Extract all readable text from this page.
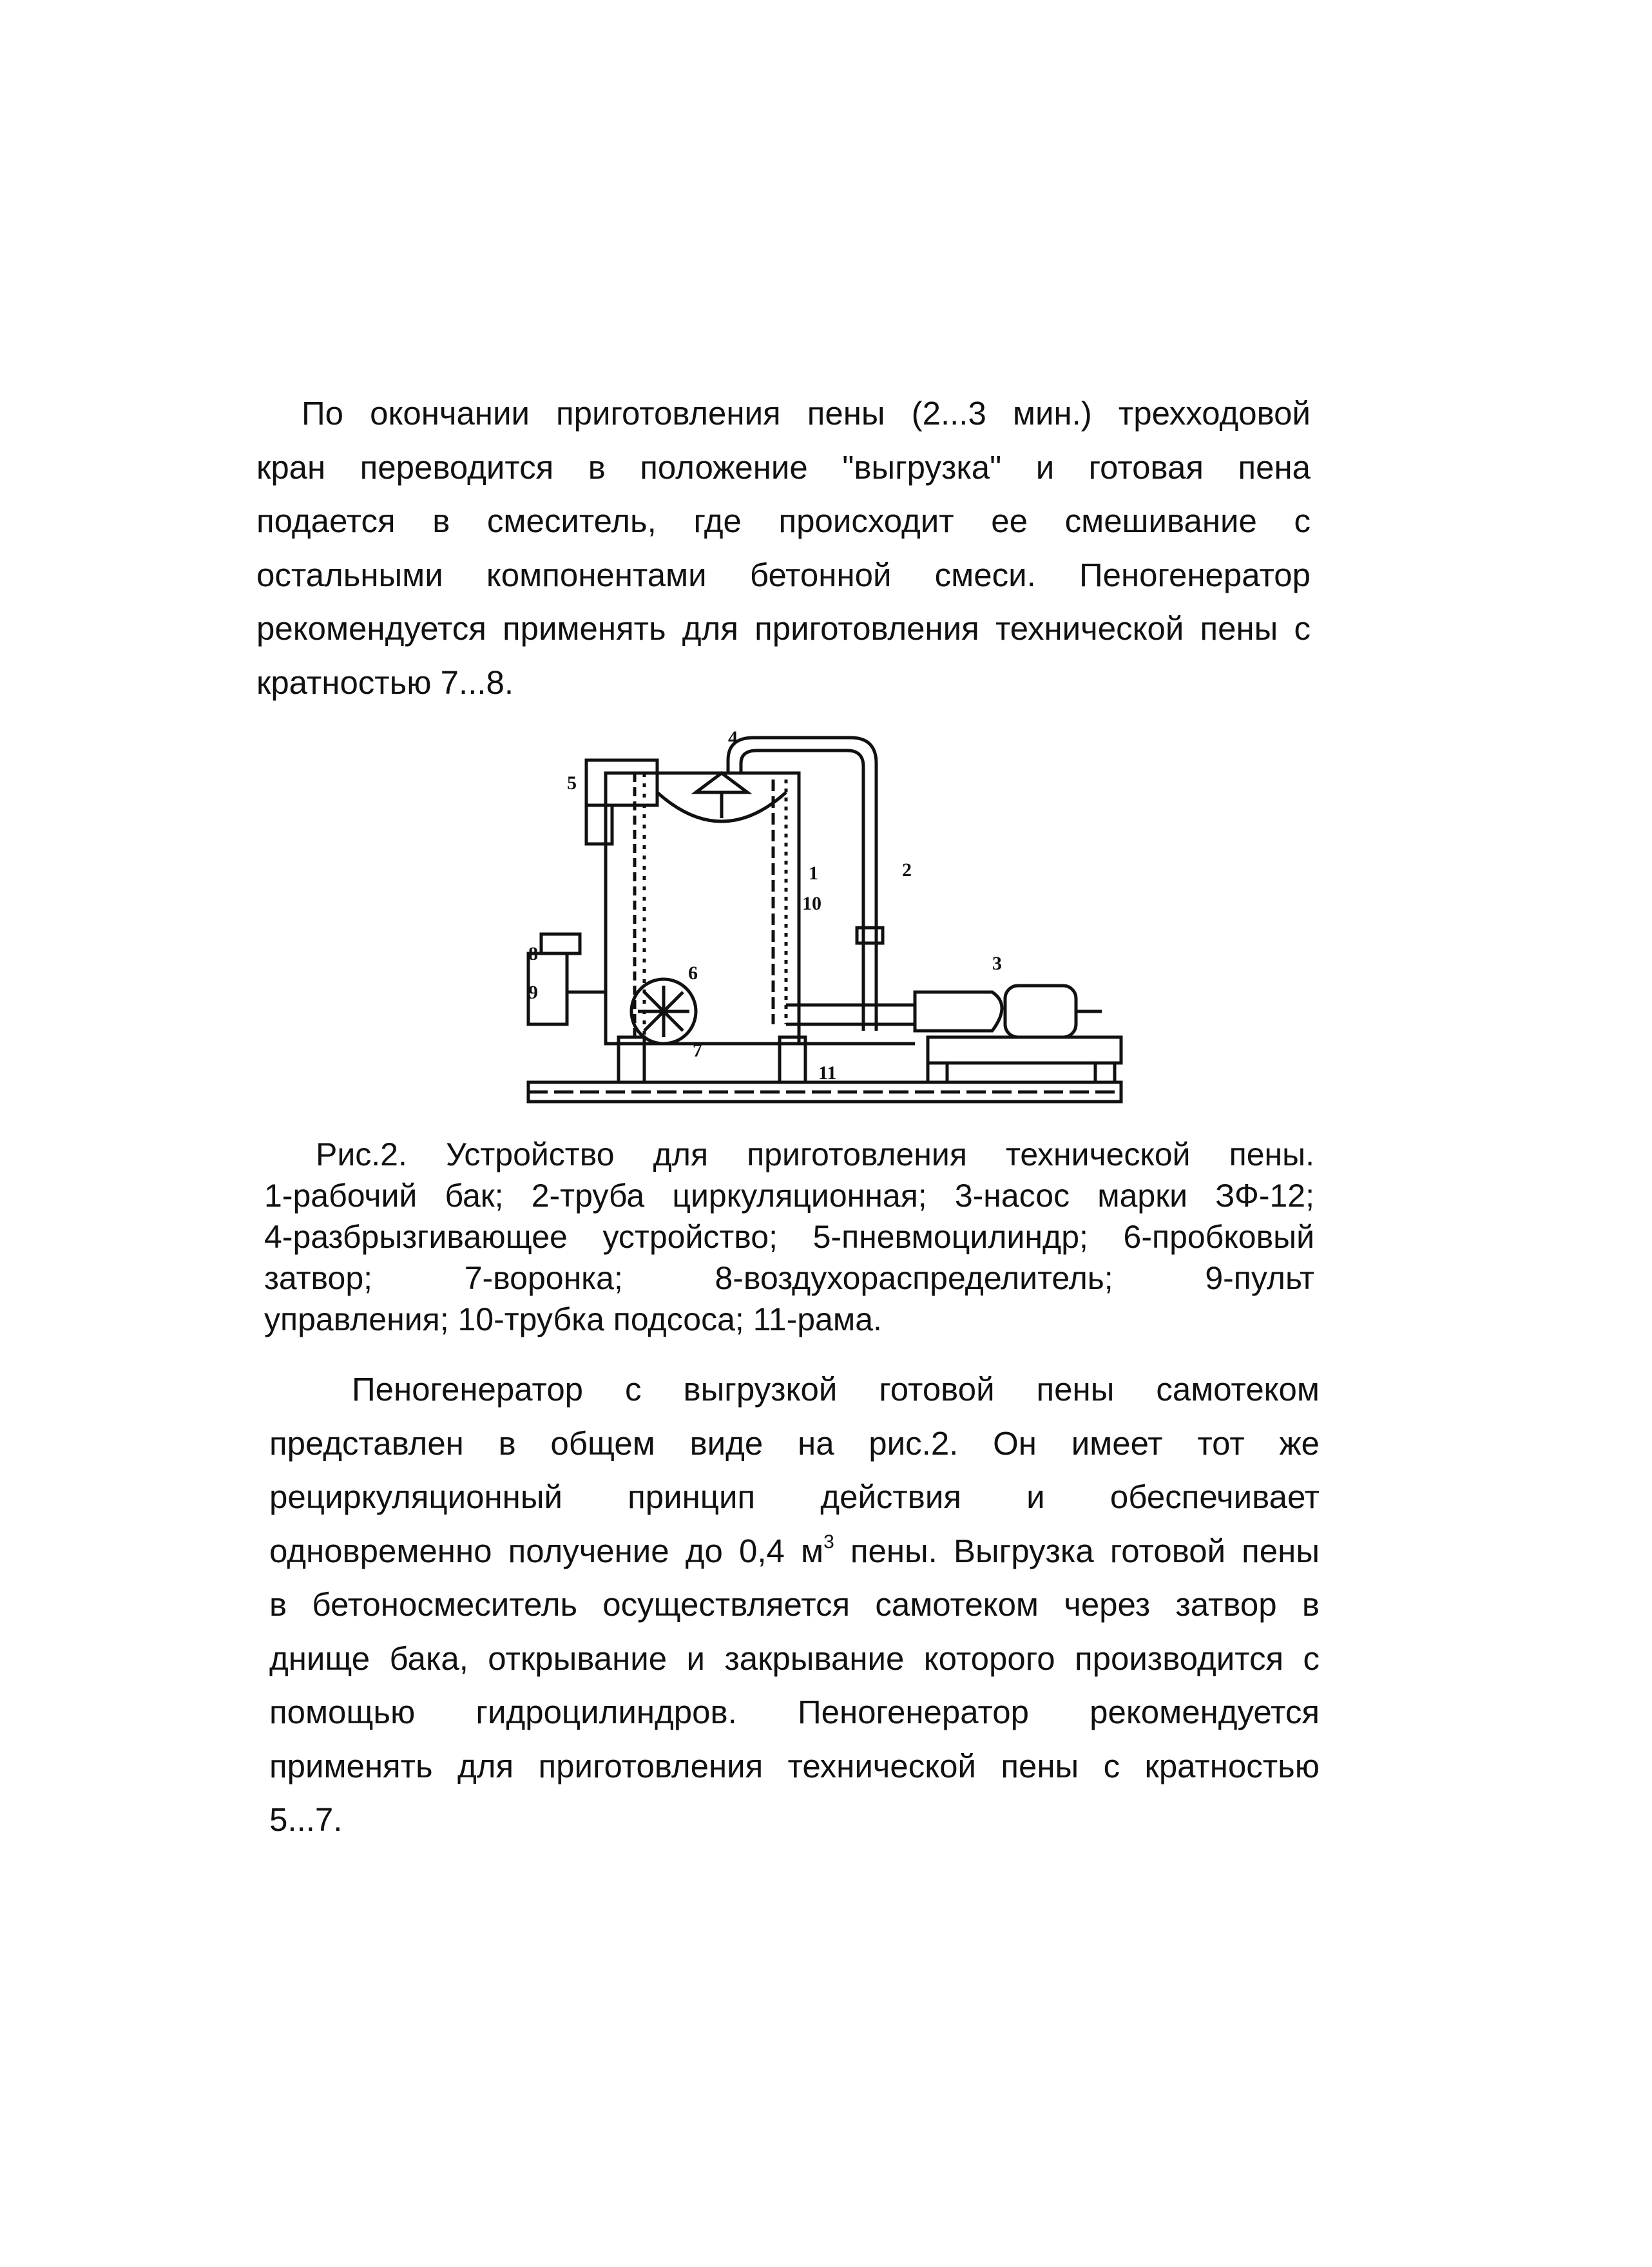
По окончании приготовления пены (2...3 мин.) трехходовой
кран переводится в положение "выгрузка" и готовая пена
подается в смеситель, где происходит ее смешивание с
остальными компонентами бетонной смеси. Пеногенератор
рекомендуется применять для приготовления технической пены с
кратностью 7...8.
4
5
1	2
10
3
6
7
8
9
11
Рис.2. Устройство для приготовления технической пены.
1-рабочий бак; 2-труба циркуляционная; 3-насос марки ЗФ-12;
4-разбрызгивающее устройство; 5-пневмоцилиндр; 6-пробковый
затвор; 7-воронка; 8-воздухораспределитель; 9-пульт
управления; 10-трубка подсоса; 11-рама.
Пеногенератор с выгрузкой готовой пены самотеком
представлен в общем виде на рис.2. Он имеет тот же
рециркуляционный принцип действия и обеспечивает
одновременно получение до 0,4 $м^3$ пены. Выгрузка готовой пены
в бетоносмеситель осуществляется самотеком через затвор в
днище бака, открывание и закрывание которого производится с
помощью гидроцилиндров. Пеногенератор рекомендуется
применять для приготовления технической пены с кратностью
5...7.
